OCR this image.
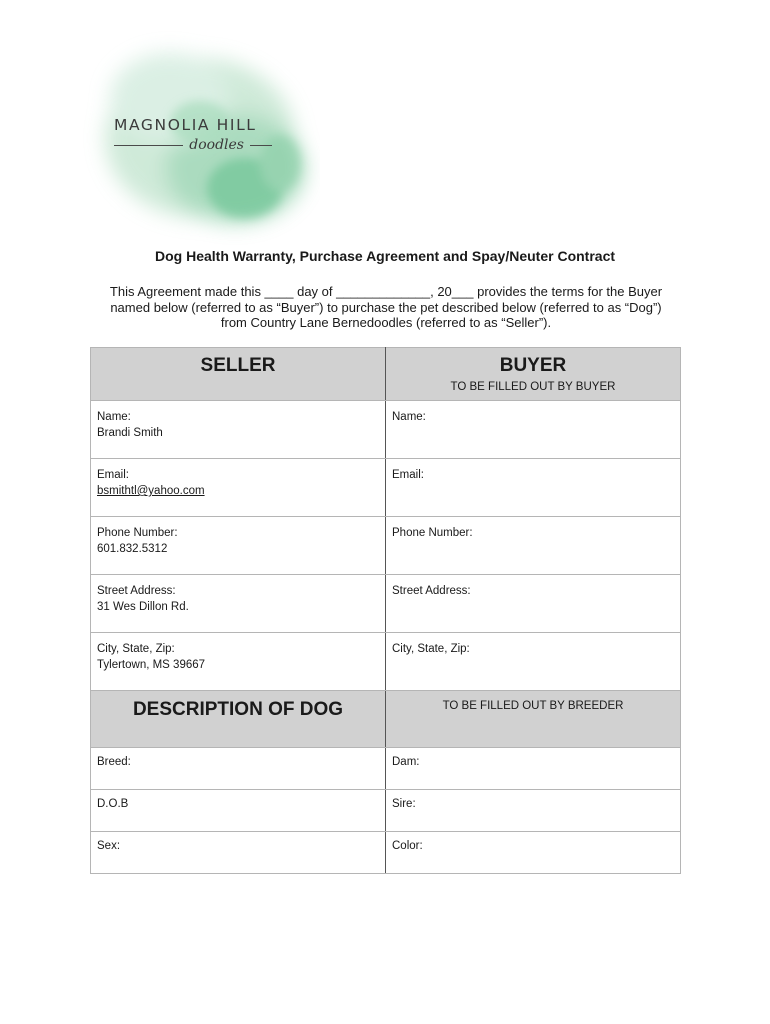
MAGNOLIA HILL
doodles
Dog Health Warranty, Purchase Agreement and Spay/Neuter Contract
This Agreement made this ____ day of _____________, 20___ provides the terms for the Buyer named below (referred to as “Buyer”) to purchase the pet described below (referred to as “Dog”) from Country Lane Bernedoodles (referred to as “Seller”).
SELLER	BUYER
TO BE FILLED OUT BY BUYER

Name:
Brandi Smith	Name:

Email:
bsmithtl@yahoo.com	Email:

Phone Number:
601.832.5312	Phone Number:

Street Address:
31 Wes Dillon Rd.	Street Address:

City, State, Zip:
Tylertown, MS 39667	City, State, Zip:

DESCRIPTION OF DOG	TO BE FILLED OUT BY BREEDER

Breed:	Dam:

D.O.B	Sire:

Sex:	Color:
